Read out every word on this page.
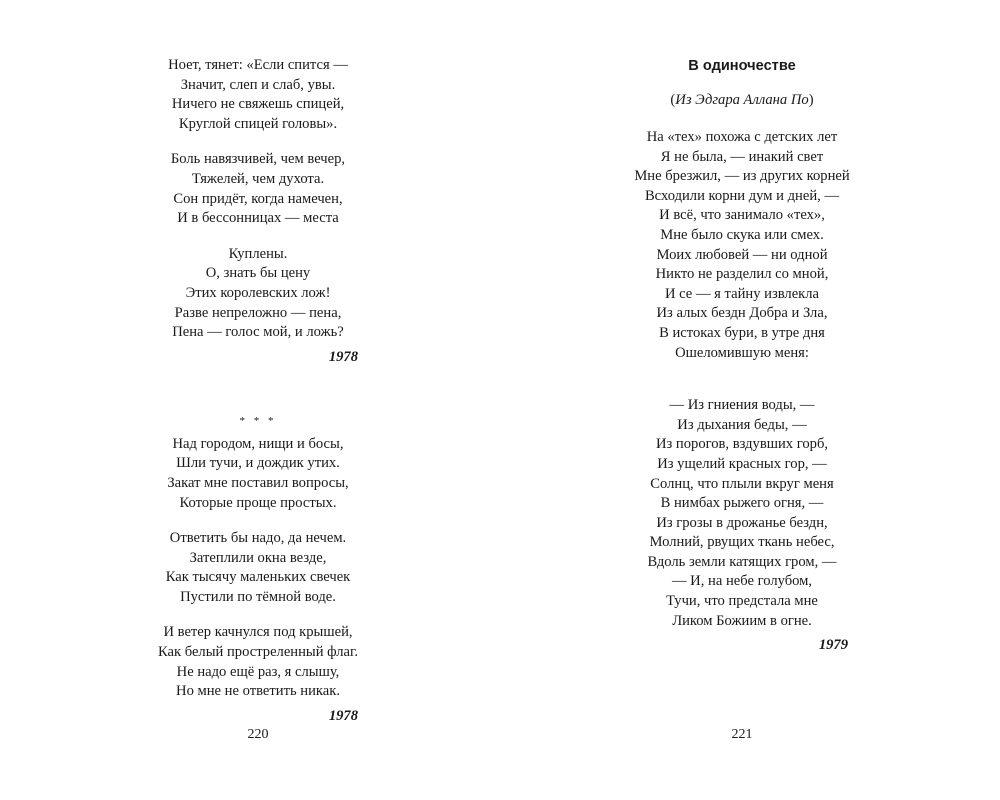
Ноет, тянет: «Если спится —
Значит, слеп и слаб, увы.
Ничего не свяжешь спицей,
Круглой спицей головы».
Боль навязчивей, чем вечер,
Тяжелей, чем духота.
Сон придёт, когда намечен,
И в бессонницах — места
Куплены.
О, знать бы цену
Этих королевских лож!
Разве непреложно — пена,
Пена — голос мой, и ложь?
1978
* * *
Над городом, нищи и босы,
Шли тучи, и дождик утих.
Закат мне поставил вопросы,
Которые проще простых.
Ответить бы надо, да нечем.
Затеплили окна везде,
Как тысячу маленьких свечек
Пустили по тёмной воде.
И ветер качнулся под крышей,
Как белый простреленный флаг.
Не надо ещё раз, я слышу,
Но мне не ответить никак.
1978
220
В одиночестве
(Из Эдгара Аллана По)
На «тех» похожа с детских лет
Я не была, — инакий свет
Мне брезжил, — из других корней
Всходили корни дум и дней, —
И всё, что занимало «тех»,
Мне было скука или смех.
Моих любовей — ни одной
Никто не разделил со мной,
И се — я тайну извлекла
Из алых бездн Добра и Зла,
В истоках бури, в утре дня
Ошеломившую меня:
— Из гниения воды, —
Из дыхания беды, —
Из порогов, вздувших горб,
Из ущелий красных гор, —
Солнц, что плыли вкруг меня
В нимбах рыжего огня, —
Из грозы в дрожанье бездн,
Молний, рвущих ткань небес,
Вдоль земли катящих гром, —
— И, на небе голубом,
Тучи, что предстала мне
Ликом Божиим в огне.
1979
221
